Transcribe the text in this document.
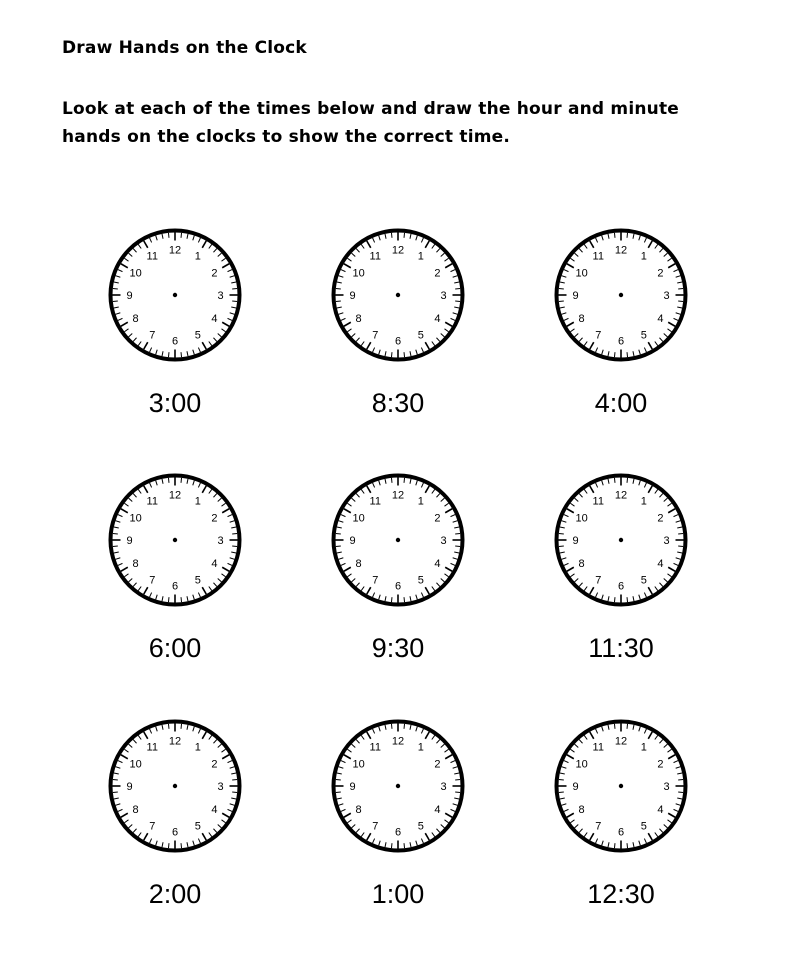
Draw Hands on the Clock

Look at each of the times below and draw the hour and minute hands on the clocks to show the correct time.

12
1
2
3
4
5
6
7
8
9
10
11
3:00
12
1
2
3
4
5
6
7
8
9
10
11
8:30
12
1
2
3
4
5
6
7
8
9
10
11
4:00
12
1
2
3
4
5
6
7
8
9
10
11
6:00
12
1
2
3
4
5
6
7
8
9
10
11
9:30
12
1
2
3
4
5
6
7
8
9
10
11
11:30
12
1
2
3
4
5
6
7
8
9
10
11
2:00
12
1
2
3
4
5
6
7
8
9
10
11
1:00
12
1
2
3
4
5
6
7
8
9
10
11
12:30
